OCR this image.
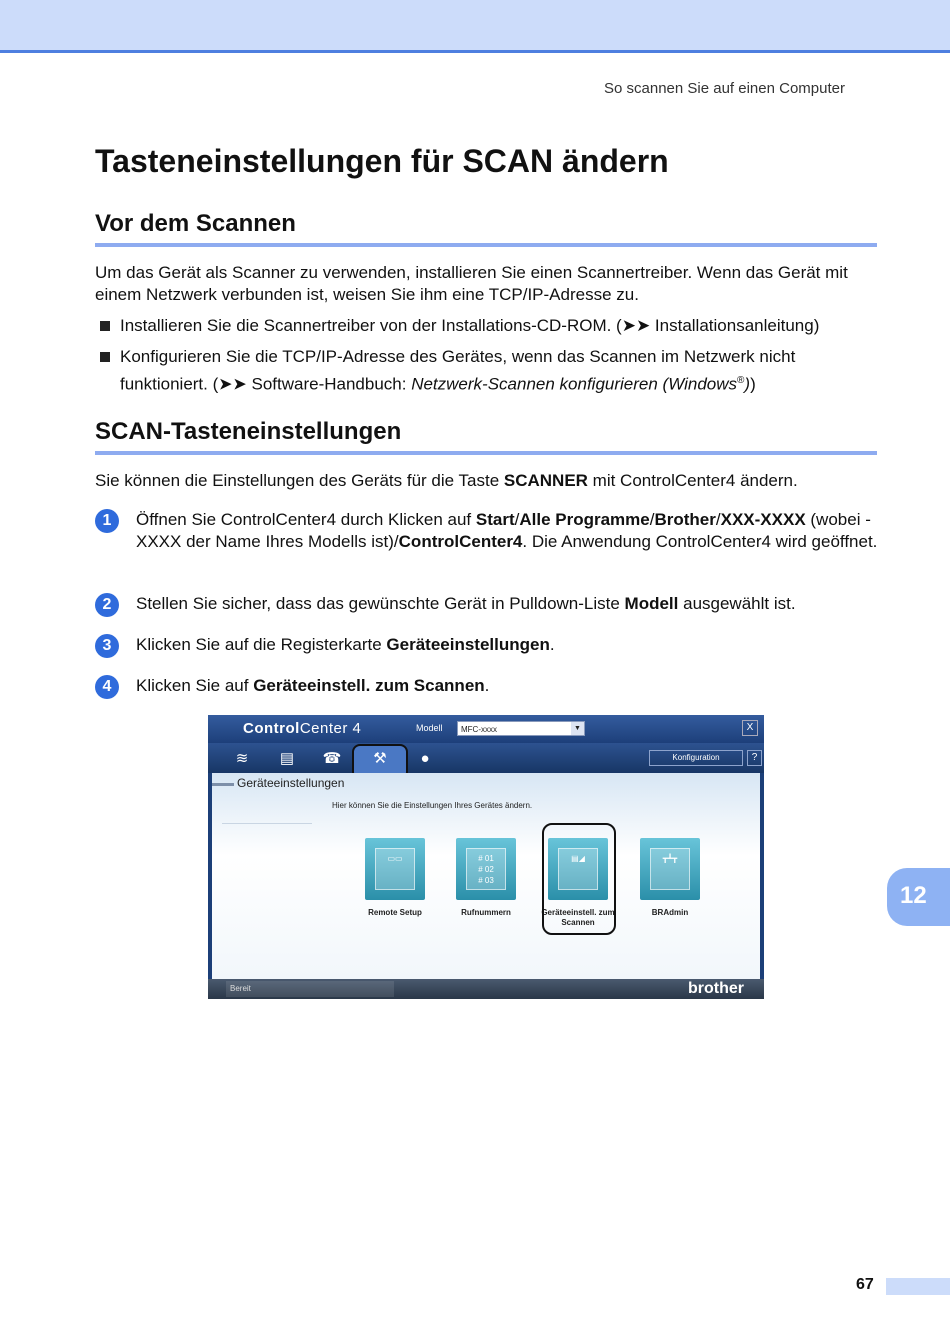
So scannen Sie auf einen Computer
Tasteneinstellungen für SCAN ändern
Vor dem Scannen
Um das Gerät als Scanner zu verwenden, installieren Sie einen Scannertreiber. Wenn das Gerät mit einem Netzwerk verbunden ist, weisen Sie ihm eine TCP/IP-Adresse zu.
Installieren Sie die Scannertreiber von der Installations-CD-ROM. (➤➤ Installationsanleitung)
Konfigurieren Sie die TCP/IP-Adresse des Gerätes, wenn das Scannen im Netzwerk nicht funktioniert. (➤➤ Software-Handbuch: Netzwerk-Scannen konfigurieren (Windows®))
SCAN-Tasteneinstellungen
Sie können die Einstellungen des Geräts für die Taste SCANNER mit ControlCenter4 ändern.
1	Öffnen Sie ControlCenter4 durch Klicken auf Start/Alle Programme/Brother/XXX-XXXX (wobei -XXXX der Name Ihres Modells ist)/ControlCenter4. Die Anwendung ControlCenter4 wird geöffnet.
2	Stellen Sie sicher, dass das gewünschte Gerät in Pulldown-Liste Modell ausgewählt ist.
3	Klicken Sie auf die Registerkarte Geräteeinstellungen.
4	Klicken Sie auf Geräteeinstell. zum Scannen.
ControlCenter 4	Modell	MFC-xxxx	▼	X
≋	▤ ☎ ⚒	●	Konfiguration	?
Geräteeinstellungen
Hier können Sie die Einstellungen Ihres Gerätes ändern.
▭▭
Remote Setup
# 01
# 02
# 03
Rufnummern
▤◢
Geräteeinstell. zum Scannen
┳┻┳
BRAdmin
Bereit	brother
12
67
